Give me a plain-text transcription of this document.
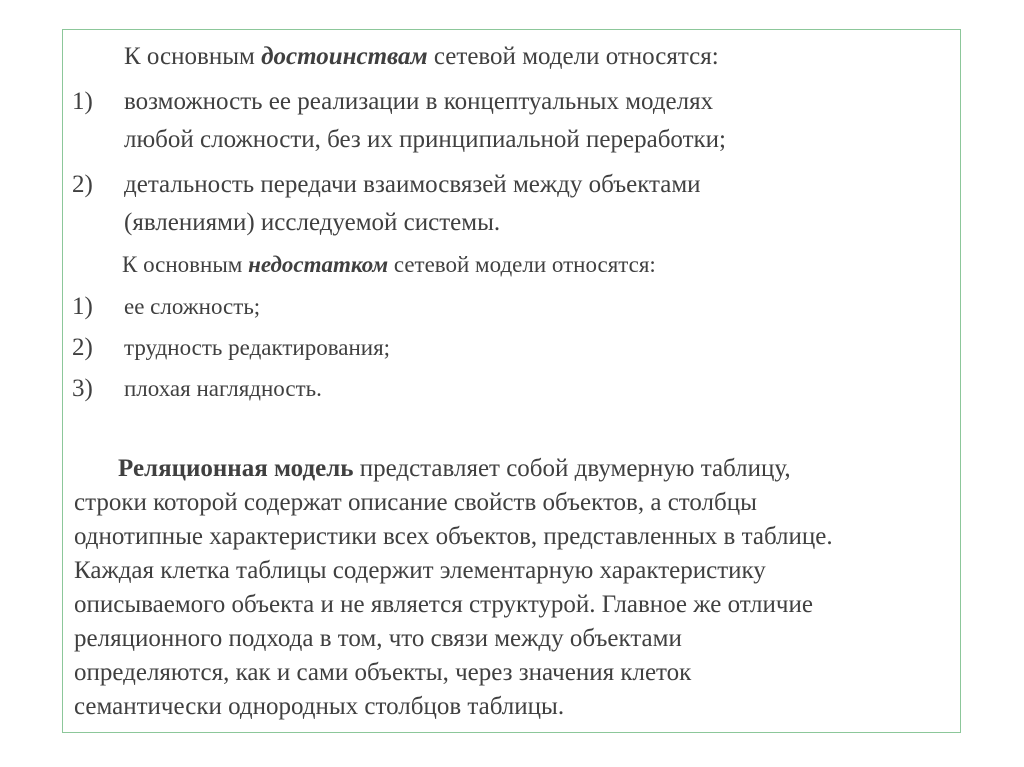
К основным достоинствам сетевой модели относятся:
1) возможность ее реализации в концептуальных моделях
любой сложности, без их принципиальной переработки;
2) детальность передачи взаимосвязей между объектами
(явлениями) исследуемой системы.
К основным недостатком сетевой модели относятся:
1) ее сложность;
2) трудность редактирования;
3) плохая наглядность.
Реляционная модель представляет собой двумерную таблицу,
строки которой содержат описание свойств объектов, а столбцы
однотипные характеристики всех объектов, представленных в таблице.
Каждая клетка таблицы содержит элементарную характеристику
описываемого объекта и не является структурой. Главное же отличие
реляционного подхода в том, что связи между объектами
определяются, как и сами объекты, через значения клеток
семантически однородных столбцов таблицы.
